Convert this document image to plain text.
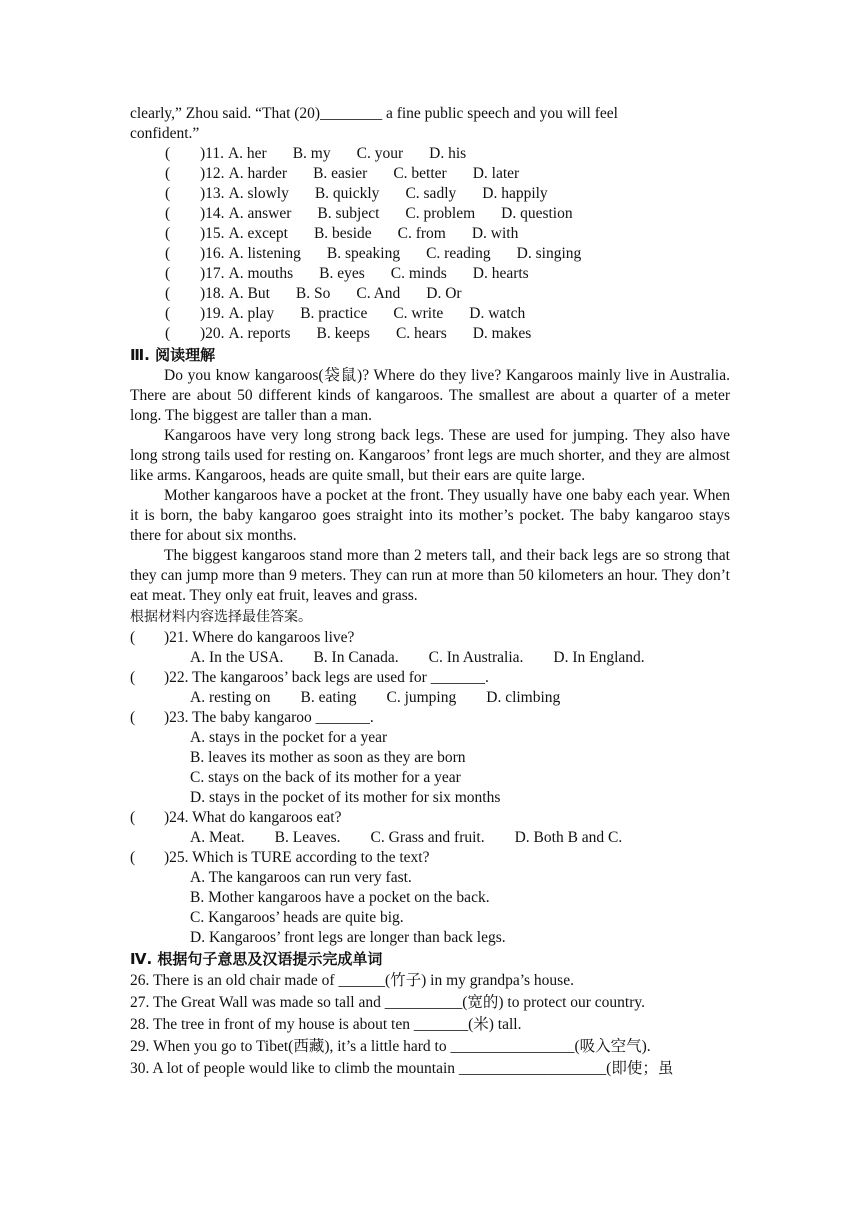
clearly,” Zhou said. “That (20)________ a fine public speech and you will feel
confident.”
(	)11. A. her B. my C. your D. his
(	)12. A. harder B. easier C. better D. later
(	)13. A. slowly B. quickly C. sadly D. happily
(	)14. A. answer B. subject C. problem D. question
(	)15. A. except B. beside C. from D. with
(	)16. A. listening B. speaking C. reading D. singing
(	)17. A. mouths B. eyes C. minds D. hearts
(	)18. A. But B. So C. And D. Or
(	)19. A. play B. practice C. write D. watch
(	)20. A. reports B. keeps C. hears D. makes
Ⅲ. 阅读理解
Do you know kangaroos(袋鼠)? Where do they live? Kangaroos mainly live in Australia. There are about 50 different kinds of kangaroos. The smallest are about a quarter of a meter long. The biggest are taller than a man.
Kangaroos have very long strong back legs. These are used for jumping. They also have long strong tails used for resting on. Kangaroos’ front legs are much shorter, and they are almost like arms. Kangaroos, heads are quite small, but their ears are quite large.
Mother kangaroos have a pocket at the front. They usually have one baby each year. When it is born, the baby kangaroo goes straight into its mother’s pocket. The baby kangaroo stays there for about six months.
The biggest kangaroos stand more than 2 meters tall, and their back legs are so strong that they can jump more than 9 meters. They can run at more than 50 kilometers an hour. They don’t eat meat. They only eat fruit, leaves and grass.
根据材料内容选择最佳答案。
(	)21. Where do kangaroos live?
A. In the USA. B. In Canada. C. In Australia. D. In England.
(	)22. The kangaroos’ back legs are used for _______.
A. resting on B. eating C. jumping D. climbing
(	)23. The baby kangaroo _______.
A. stays in the pocket for a year
B. leaves its mother as soon as they are born
C. stays on the back of its mother for a year
D. stays in the pocket of its mother for six months
(	)24. What do kangaroos eat?
A. Meat. B. Leaves. C. Grass and fruit. D. Both B and C.
(	)25. Which is TURE according to the text?
A. The kangaroos can run very fast.
B. Mother kangaroos have a pocket on the back.
C. Kangaroos’ heads are quite big.
D. Kangaroos’ front legs are longer than back legs.
Ⅳ. 根据句子意思及汉语提示完成单词
26. There is an old chair made of ______(竹子) in my grandpa’s house.
27. The Great Wall was made so tall and __________(宽的) to protect our country.
28. The tree in front of my house is about ten _______(米) tall.
29. When you go to Tibet(西藏), it’s a little hard to ________________(吸入空气).
30. A lot of people would like to climb the mountain ___________________(即使；虽
